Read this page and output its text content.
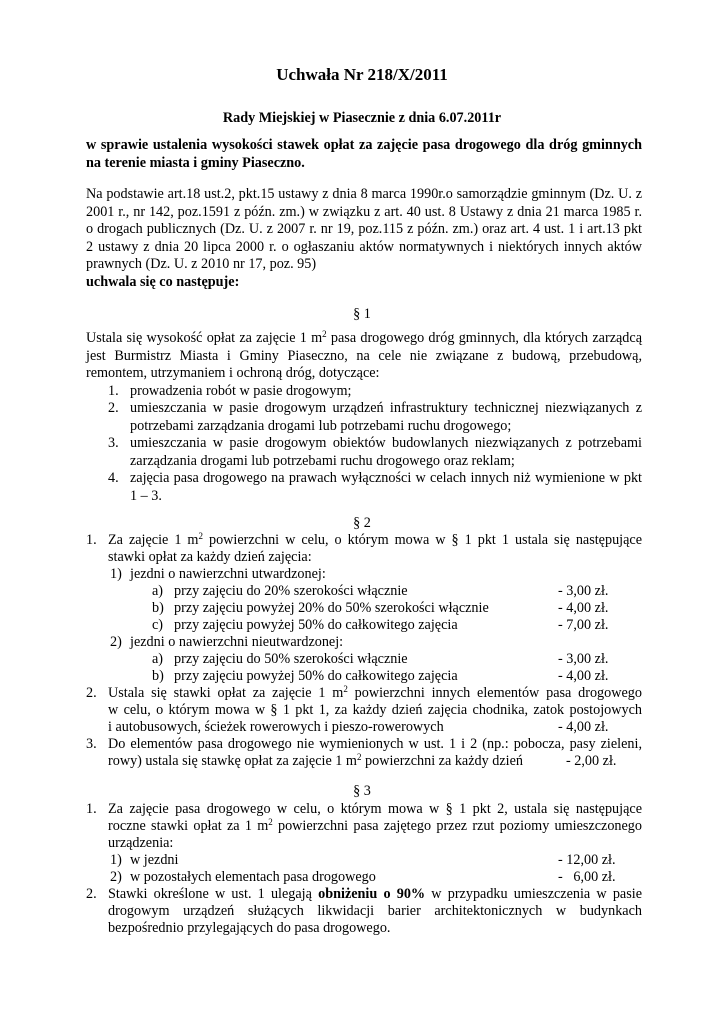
Uchwała Nr 218/X/2011
Rady Miejskiej w Piasecznie z dnia 6.07.2011r
w sprawie ustalenia wysokości stawek opłat za zajęcie pasa drogowego dla dróg gminnych na terenie miasta i gminy Piaseczno.
Na podstawie art.18 ust.2, pkt.15 ustawy z dnia 8 marca 1990r.o samorządzie gminnym (Dz. U. z 2001 r., nr 142, poz.1591 z późn. zm.) w związku z art. 40 ust. 8 Ustawy z dnia 21 marca 1985 r. o drogach publicznych (Dz. U. z 2007 r. nr 19, poz.115 z późn. zm.) oraz art. 4 ust. 1 i art.13 pkt 2 ustawy z dnia 20 lipca 2000 r. o ogłaszaniu aktów normatywnych i niektórych innych aktów prawnych (Dz. U. z 2010 nr 17, poz. 95)
uchwala się co następuje:
§ 1
Ustala się wysokość opłat za zajęcie 1 $m^2$ pasa drogowego dróg gminnych, dla których zarządcą jest Burmistrz Miasta i Gminy Piaseczno, na cele nie związane z budową, przebudową, remontem, utrzymaniem i ochroną dróg, dotyczące:
1. prowadzenia robót w pasie drogowym;
2. umieszczania w pasie drogowym urządzeń infrastruktury technicznej niezwiązanych z potrzebami zarządzania drogami lub potrzebami ruchu drogowego;
3. umieszczania w pasie drogowym obiektów budowlanych niezwiązanych z potrzebami zarządzania drogami lub potrzebami ruchu drogowego oraz reklam;
4. zajęcia pasa drogowego na prawach wyłączności w celach innych niż wymienione w pkt 1 – 3.
§ 2
1. Za zajęcie 1 $m^2$ powierzchni w celu, o którym mowa w § 1 pkt 1 ustala się następujące
stawki opłat za każdy dzień zajęcia:
1) jezdni o nawierzchni utwardzonej:
a) przy zajęciu do 20% szerokości włącznie	- 3,00 zł.
b) przy zajęciu powyżej 20% do 50% szerokości włącznie	- 4,00 zł.
c) przy zajęciu powyżej 50% do całkowitego zajęcia	- 7,00 zł.
2) jezdni o nawierzchni nieutwardzonej:
a) przy zajęciu do 50% szerokości włącznie	- 3,00 zł.
b) przy zajęciu powyżej 50% do całkowitego zajęcia	- 4,00 zł.
2. Ustala się stawki opłat za zajęcie 1 $m^2$ powierzchni innych elementów pasa drogowego
w celu, o którym mowa w § 1 pkt 1, za każdy dzień zajęcia chodnika, zatok postojowych
i autobusowych, ścieżek rowerowych i pieszo-rowerowych	- 4,00 zł.
3. Do elementów pasa drogowego nie wymienionych w ust. 1 i 2 (np.: pobocza, pasy zieleni,
rowy) ustala się stawkę opłat za zajęcie 1 $m^2$ powierzchni za każdy dzień	- 2,00 zł.
§ 3
1. Za zajęcie pasa drogowego w celu, o którym mowa w § 1 pkt 2, ustala się następujące
roczne stawki opłat za 1 $m^2$ powierzchni pasa zajętego przez rzut poziomy umieszczonego
urządzenia:
1) w jezdni	- 12,00 zł.
2) w pozostałych elementach pasa drogowego	-   6,00 zł.
2. Stawki określone w ust. 1 ulegają obniżeniu o 90% w przypadku umieszczenia w pasie
drogowym urządzeń służących likwidacji barier architektonicznych w budynkach
bezpośrednio przylegających do pasa drogowego.
